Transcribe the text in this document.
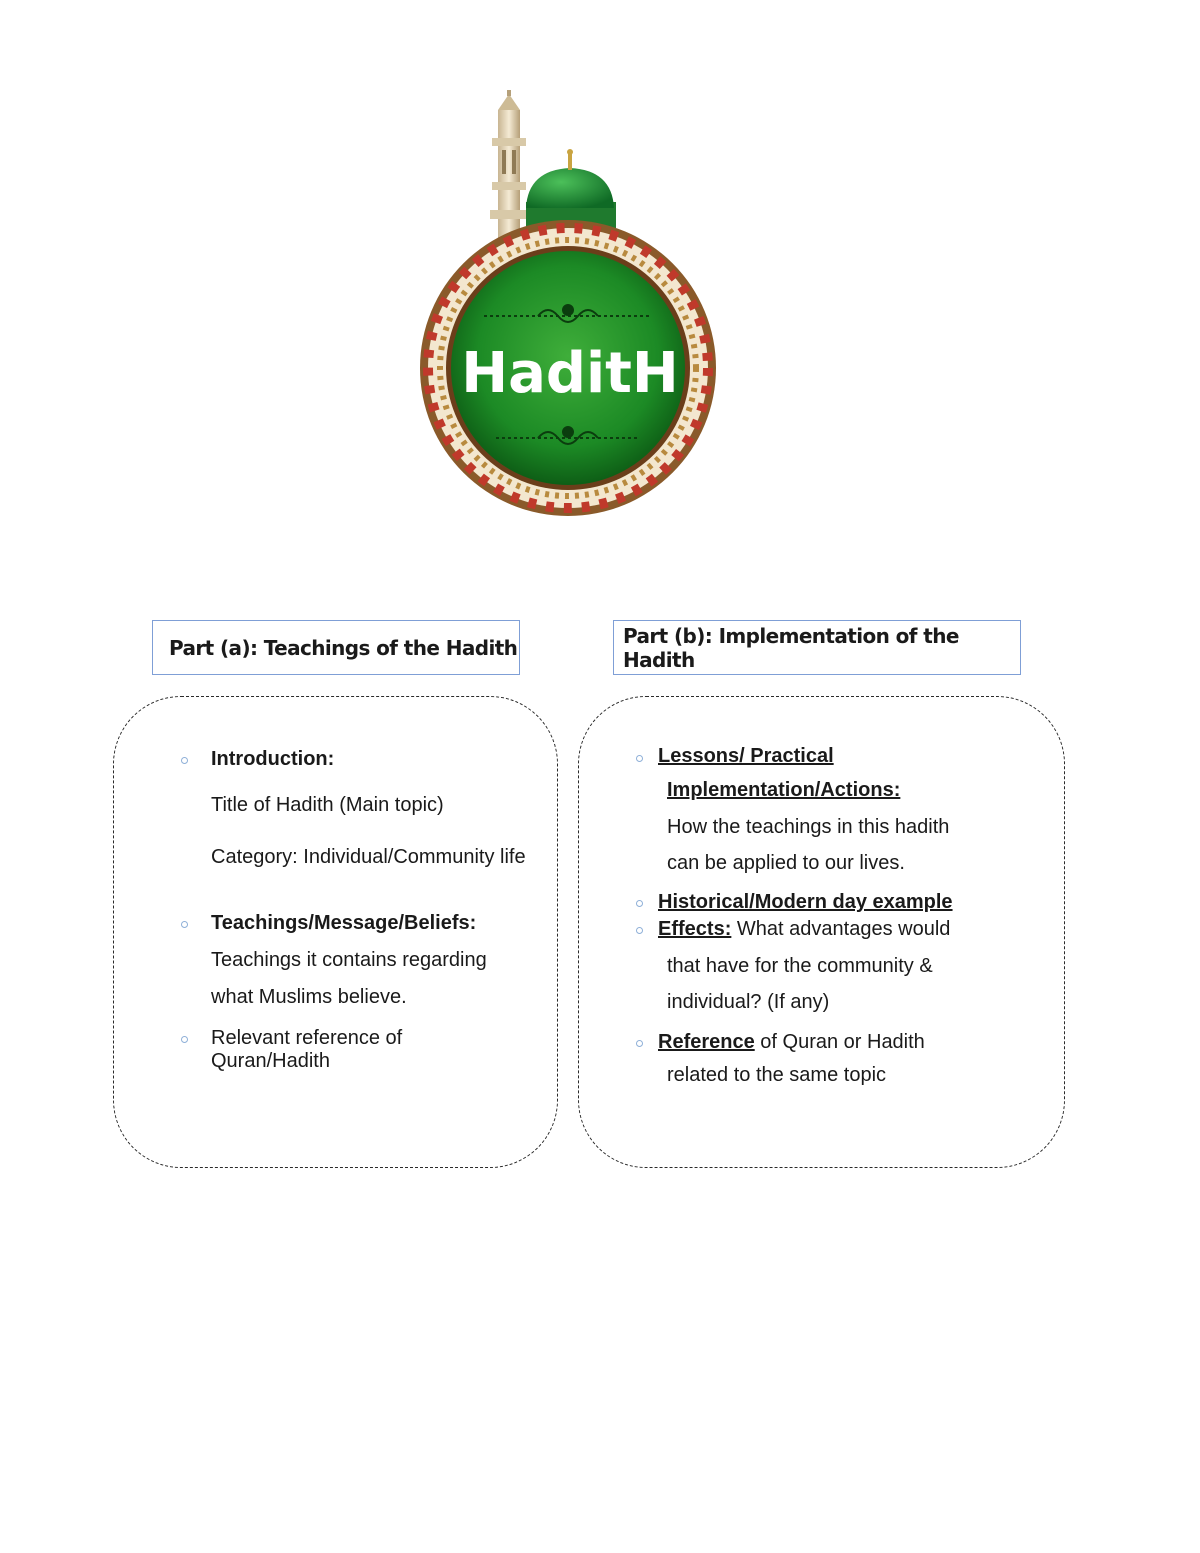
HaditH
Part (a): Teachings of the Hadith	Part (b): Implementation of the Hadith
Introduction:
Title of Hadith (Main topic)
Category: Individual/Community life
Teachings/Message/Beliefs:
Teachings it contains regarding
what Muslims believe.
Relevant reference of
Quran/Hadith
Lessons/ Practical
Implementation/Actions:
How the teachings in this hadith
can be applied to our lives.
Historical/Modern day example
Effects: What advantages would
that have for the community &
individual? (If any)
Reference of Quran or Hadith
related to the same topic
